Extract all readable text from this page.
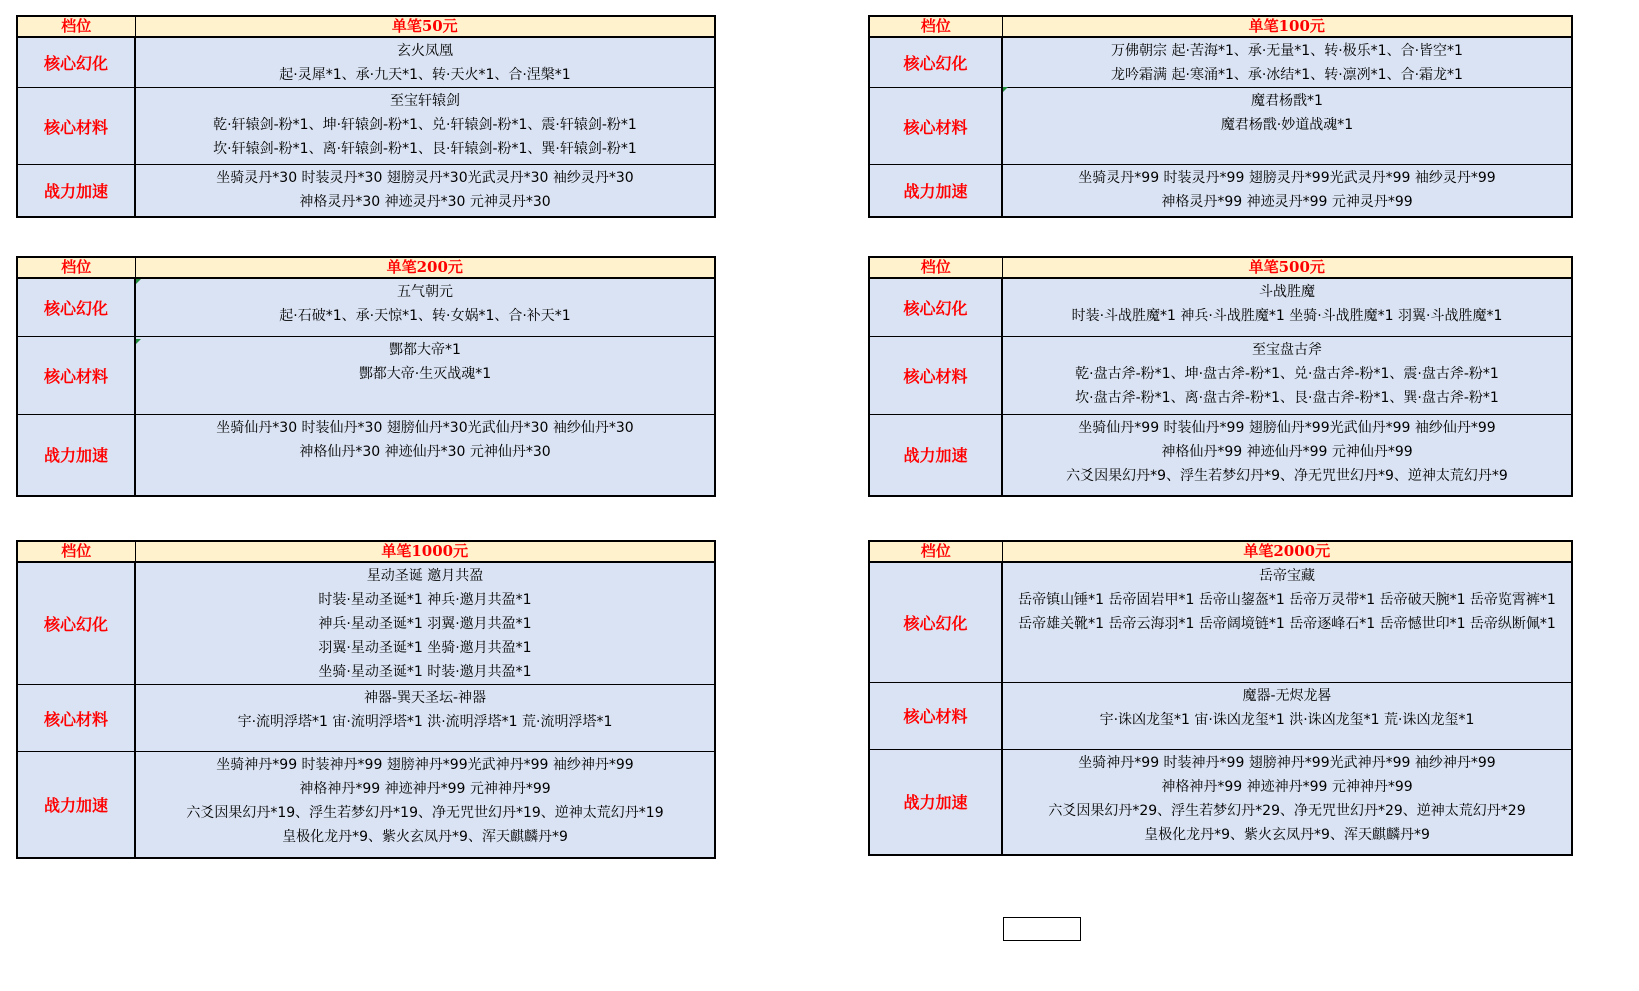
档位	单笔50元
核心幻化	玄火凤凰
起·灵犀*1、承·九天*1、转·天火*1、合·涅槃*1

核心材料	至宝轩辕剑
乾·轩辕剑-粉*1、坤·轩辕剑-粉*1、兑·轩辕剑-粉*1、震·轩辕剑-粉*1
坎·轩辕剑-粉*1、离·轩辕剑-粉*1、艮·轩辕剑-粉*1、巽·轩辕剑-粉*1

战力加速	坐骑灵丹*30 时装灵丹*30 翅膀灵丹*30光武灵丹*30 袖纱灵丹*30
神格灵丹*30 神迹灵丹*30 元神灵丹*30
档位	单笔100元
核心幻化	万佛朝宗 起·苦海*1、承·无量*1、转·极乐*1、合·皆空*1
龙吟霜满 起·寒涌*1、承·冰结*1、转·凛冽*1、合·霜龙*1

核心材料	魔君杨戬*1
魔君杨戬·妙道战魂*1

战力加速	坐骑灵丹*99 时装灵丹*99 翅膀灵丹*99光武灵丹*99 袖纱灵丹*99
神格灵丹*99 神迹灵丹*99 元神灵丹*99
档位	单笔200元
核心幻化	五气朝元
起·石破*1、承·天惊*1、转·女娲*1、合·补天*1

核心材料	酆都大帝*1
酆都大帝·生灭战魂*1

战力加速	坐骑仙丹*30 时装仙丹*30 翅膀仙丹*30光武仙丹*30 袖纱仙丹*30
神格仙丹*30 神迹仙丹*30 元神仙丹*30
档位	单笔500元
核心幻化	斗战胜魔
时装·斗战胜魔*1 神兵·斗战胜魔*1 坐骑·斗战胜魔*1 羽翼·斗战胜魔*1

核心材料	至宝盘古斧
乾·盘古斧-粉*1、坤·盘古斧-粉*1、兑·盘古斧-粉*1、震·盘古斧-粉*1
坎·盘古斧-粉*1、离·盘古斧-粉*1、艮·盘古斧-粉*1、巽·盘古斧-粉*1

战力加速	坐骑仙丹*99 时装仙丹*99 翅膀仙丹*99光武仙丹*99 袖纱仙丹*99
神格仙丹*99 神迹仙丹*99 元神仙丹*99
六爻因果幻丹*9、浮生若梦幻丹*9、净无咒世幻丹*9、逆神太荒幻丹*9
档位	单笔1000元
核心幻化	星动圣诞 邀月共盈
时装·星动圣诞*1 神兵·邀月共盈*1
神兵·星动圣诞*1 羽翼·邀月共盈*1
羽翼·星动圣诞*1 坐骑·邀月共盈*1
坐骑·星动圣诞*1 时装·邀月共盈*1

核心材料	神器-巽天圣坛-神器
宇·流明浮塔*1 宙·流明浮塔*1 洪·流明浮塔*1 荒·流明浮塔*1

战力加速	坐骑神丹*99 时装神丹*99 翅膀神丹*99光武神丹*99 袖纱神丹*99
神格神丹*99 神迹神丹*99 元神神丹*99
六爻因果幻丹*19、浮生若梦幻丹*19、净无咒世幻丹*19、逆神太荒幻丹*19
皇极化龙丹*9、紫火玄凤丹*9、浑天麒麟丹*9
档位	单笔2000元
核心幻化	岳帝宝藏
岳帝镇山锤*1 岳帝固岩甲*1 岳帝山鋆盔*1 岳帝万灵带*1 岳帝破天腕*1 岳帝览霄裤*1
岳帝雄关靴*1 岳帝云海羽*1 岳帝阔境链*1 岳帝逐峰石*1 岳帝憾世印*1 岳帝纵断佩*1

核心材料	魔器-无烬龙晷
宇·诛凶龙玺*1 宙·诛凶龙玺*1 洪·诛凶龙玺*1 荒·诛凶龙玺*1

战力加速	坐骑神丹*99 时装神丹*99 翅膀神丹*99光武神丹*99 袖纱神丹*99
神格神丹*99 神迹神丹*99 元神神丹*99
六爻因果幻丹*29、浮生若梦幻丹*29、净无咒世幻丹*29、逆神太荒幻丹*29
皇极化龙丹*9、紫火玄凤丹*9、浑天麒麟丹*9
